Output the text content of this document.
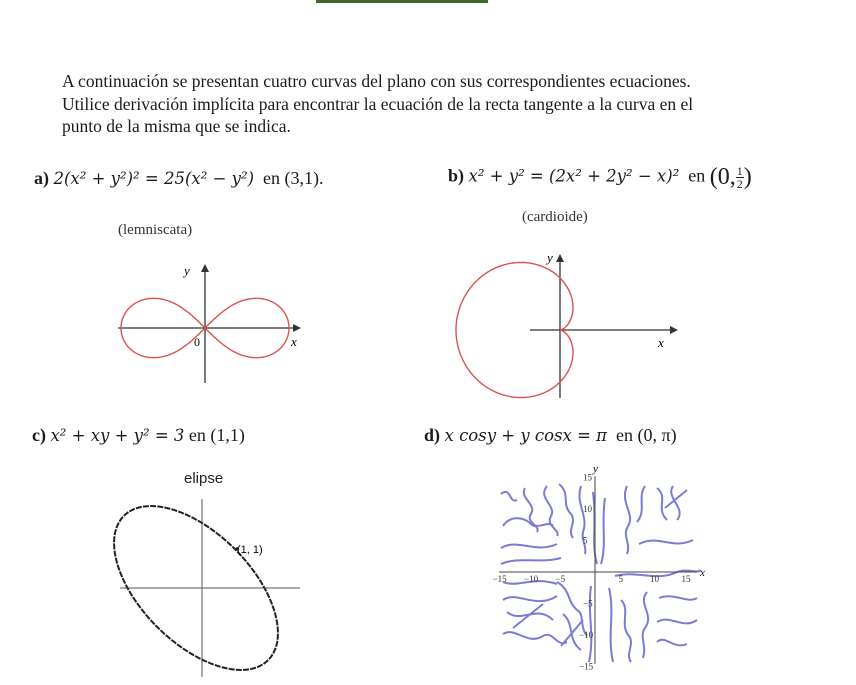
A continuación se presentan cuatro curvas del plano con sus correspondientes ecuaciones.
Utilice derivación implícita para encontrar la ecuación de la recta tangente a la curva en el
punto de la misma que se indica.
a) 2(x² + y²)² = 25(x² − y²) en (3,1).	b) x² + y² = (2x² + 2y² − x)² en (0, $\frac{1}{2}$ )
(lemniscata)
(cardioide)
y
x
0
y
x
c) x² + xy + y² = 3 en (1,1)	d) x cosy + y cosx = π en (0, π)
elipse
(1, 1)
−15 −10 −5	5	10	15
15
10
5
−5
−10
−15
y
x
